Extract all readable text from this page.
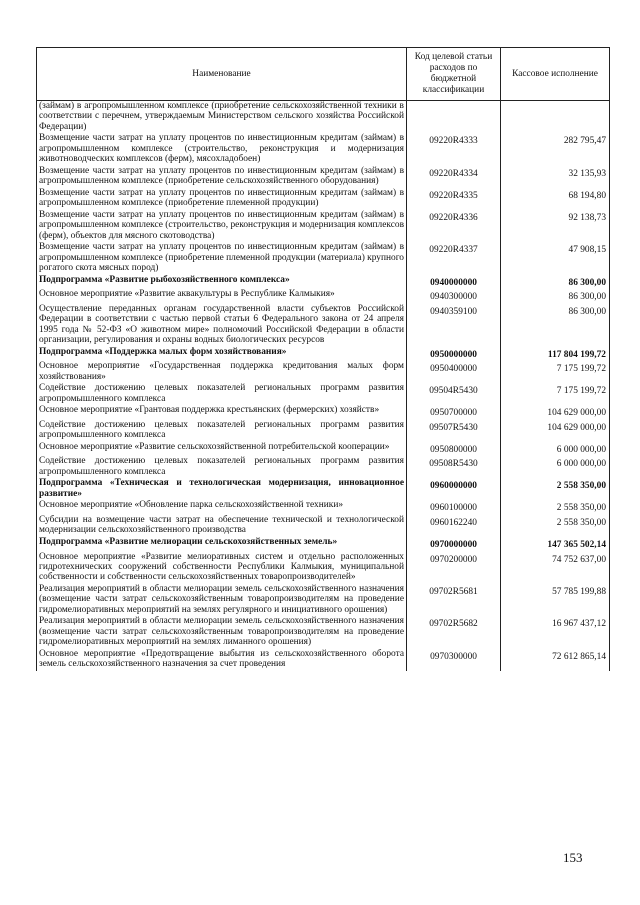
Наименование	Код целевой статьи расходов по бюджетной классификации	Кассовое исполнение
(займам) в агропромышленном комплексе (приобретение сельскохозяйственной техники в соответствии с перечнем, утверждаемым Министерством сельского хозяйства Российской Федерации)		
Возмещение части затрат на уплату процентов по инвестиционным кредитам (займам) в агропромышленном комплексе (строительство, реконструкция и модернизация животноводческих комплексов (ферм), мясохладобоен)	09220R4333	282 795,47
Возмещение части затрат на уплату процентов по инвестиционным кредитам (займам) в агропромышленном комплексе (приобретение сельскохозяйственного оборудования)	09220R4334	32 135,93
Возмещение части затрат на уплату процентов по инвестиционным кредитам (займам) в агропромышленном комплексе (приобретение племенной продукции)	09220R4335	68 194,80
Возмещение части затрат на уплату процентов по инвестиционным кредитам (займам) в агропромышленном комплексе (строительство, реконструкция и модернизация комплексов (ферм), объектов для мясного скотоводства)	09220R4336	92 138,73
Возмещение части затрат на уплату процентов по инвестиционным кредитам (займам) в агропромышленном комплексе (приобретение племенной продукции (материала) крупного рогатого скота мясных пород)	09220R4337	47 908,15
Подпрограмма «Развитие рыбохозяйственного комплекса»	0940000000	86 300,00
Основное мероприятие «Развитие аквакультуры в Республике Калмыкия»	0940300000	86 300,00
Осуществление переданных органам государственной власти субъектов Российской Федерации в соответствии с частью первой статьи 6 Федерального закона от 24 апреля 1995 года № 52-ФЗ «О животном мире» полномочий Российской Федерации в области организации, регулирования и охраны водных биологических ресурсов	0940359100	86 300,00
Подпрограмма «Поддержка малых форм хозяйствования»	0950000000	117 804 199,72
Основное мероприятие «Государственная поддержка кредитования малых форм хозяйствования»	0950400000	7 175 199,72
Содействие достижению целевых показателей региональных программ развития агропромышленного комплекса	09504R5430	7 175 199,72
Основное мероприятие «Грантовая поддержка крестьянских (фермерских) хозяйств»	0950700000	104 629 000,00
Содействие достижению целевых показателей региональных программ развития агропромышленного комплекса	09507R5430	104 629 000,00
Основное мероприятие «Развитие сельскохозяйственной потребительской кооперации»	0950800000	6 000 000,00
Содействие достижению целевых показателей региональных программ развития агропромышленного комплекса	09508R5430	6 000 000,00
Подпрограмма «Техническая и технологическая модернизация, инновационное развитие»	0960000000	2 558 350,00
Основное мероприятие «Обновление парка сельскохозяйственной техники»	0960100000	2 558 350,00
Субсидии на возмещение части затрат на обеспечение технической и технологической модернизации сельскохозяйственного производства	0960162240	2 558 350,00
Подпрограмма «Развитие мелиорации сельскохозяйственных земель»	0970000000	147 365 502,14
Основное мероприятие «Развитие мелиоративных систем и отдельно расположенных гидротехнических сооружений собственности Республики Калмыкия, муниципальной собственности и собственности сельскохозяйственных товаропроизводителей»	0970200000	74 752 637,00
Реализация мероприятий в области мелиорации земель сельскохозяйственного назначения (возмещение части затрат сельскохозяйственным товаропроизводителям на проведение гидромелиоративных мероприятий на землях регулярного и инициативного орошения)	09702R5681	57 785 199,88
Реализация мероприятий в области мелиорации земель сельскохозяйственного назначения (возмещение части затрат сельскохозяйственным товаропроизводителям на проведение гидромелиоративных мероприятий на землях лиманного орошения)	09702R5682	16 967 437,12
Основное мероприятие «Предотвращение выбытия из сельскохозяйственного оборота земель сельскохозяйственного назначения за счет проведения	0970300000	72 612 865,14
153
